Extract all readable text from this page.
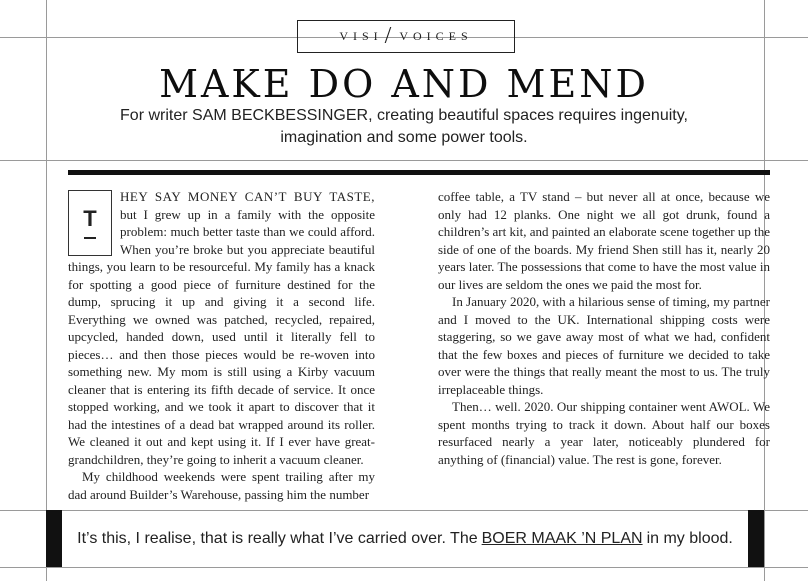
VISI / VOICES
MAKE DO AND MEND
For writer SAM BECKBESSINGER, creating beautiful spaces requires ingenuity, imagination and some power tools.
T

HEY SAY MONEY CAN’T BUY TASTE, but I grew up in a family with the opposite problem: much better taste than we could afford. When you’re broke but you appreciate beautiful things, you learn to be resourceful. My family has a knack for spotting a good piece of furniture destined for the dump, sprucing it up and giving it a second life. Everything we owned was patched, recycled, repaired, upcycled, handed down, used until it literally fell to pieces… and then those pieces would be re-woven into something new. My mom is still using a Kirby vacuum cleaner that is entering its fifth decade of service. It once stopped working, and we took it apart to discover that it had the intestines of a dead bat wrapped around its roller. We cleaned it out and kept using it. If I ever have great-grandchildren, they’re going to inherit a vacuum cleaner.

My childhood weekends were spent trailing after my dad around Builder’s Warehouse, passing him the number

coffee table, a TV stand – but never all at once, because we only had 12 planks. One night we all got drunk, found a children’s art kit, and painted an elaborate scene together up the side of one of the boards. My friend Shen still has it, nearly 20 years later. The possessions that come to have the most value in our lives are seldom the ones we paid the most for.

In January 2020, with a hilarious sense of timing, my partner and I moved to the UK. International shipping costs were staggering, so we gave away most of what we had, confident that the few boxes and pieces of furniture we decided to take over were the things that really meant the most to us. The truly irreplaceable things.

Then… well. 2020. Our shipping container went AWOL. We spent months trying to track it down. About half our boxes resurfaced nearly a year later, noticeably plundered for anything of (financial) value. The rest is gone, forever.

It’s this, I realise, that is really what I’ve carried over. The BOER MAAK ’N PLAN in my blood.
